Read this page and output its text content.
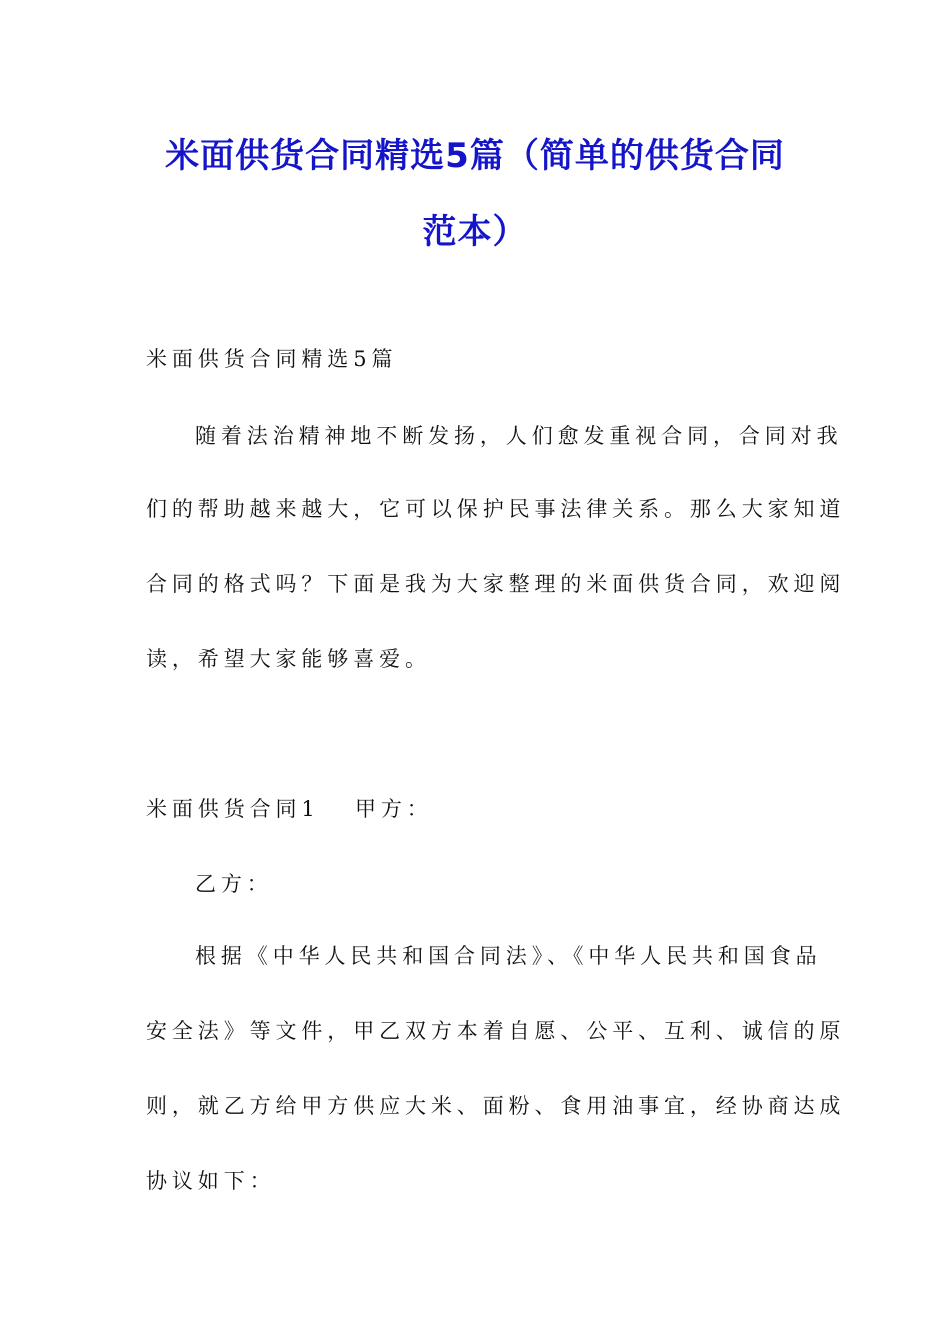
米面供货合同精选5篇（简单的供货合同
范本）
米面供货合同精选5篇
随着法治精神地不断发扬，人们愈发重视合同，合同对我
们的帮助越来越大，它可以保护民事法律关系。那么大家知道
合同的格式吗？下面是我为大家整理的米面供货合同，欢迎阅
读，希望大家能够喜爱。
米面供货合同1 甲方：
乙方：
根据《中华人民共和国合同法》、《中华人民共和国食品
安全法》等文件，甲乙双方本着自愿、公平、互利、诚信的原
则，就乙方给甲方供应大米、面粉、食用油事宜，经协商达成
协议如下：
